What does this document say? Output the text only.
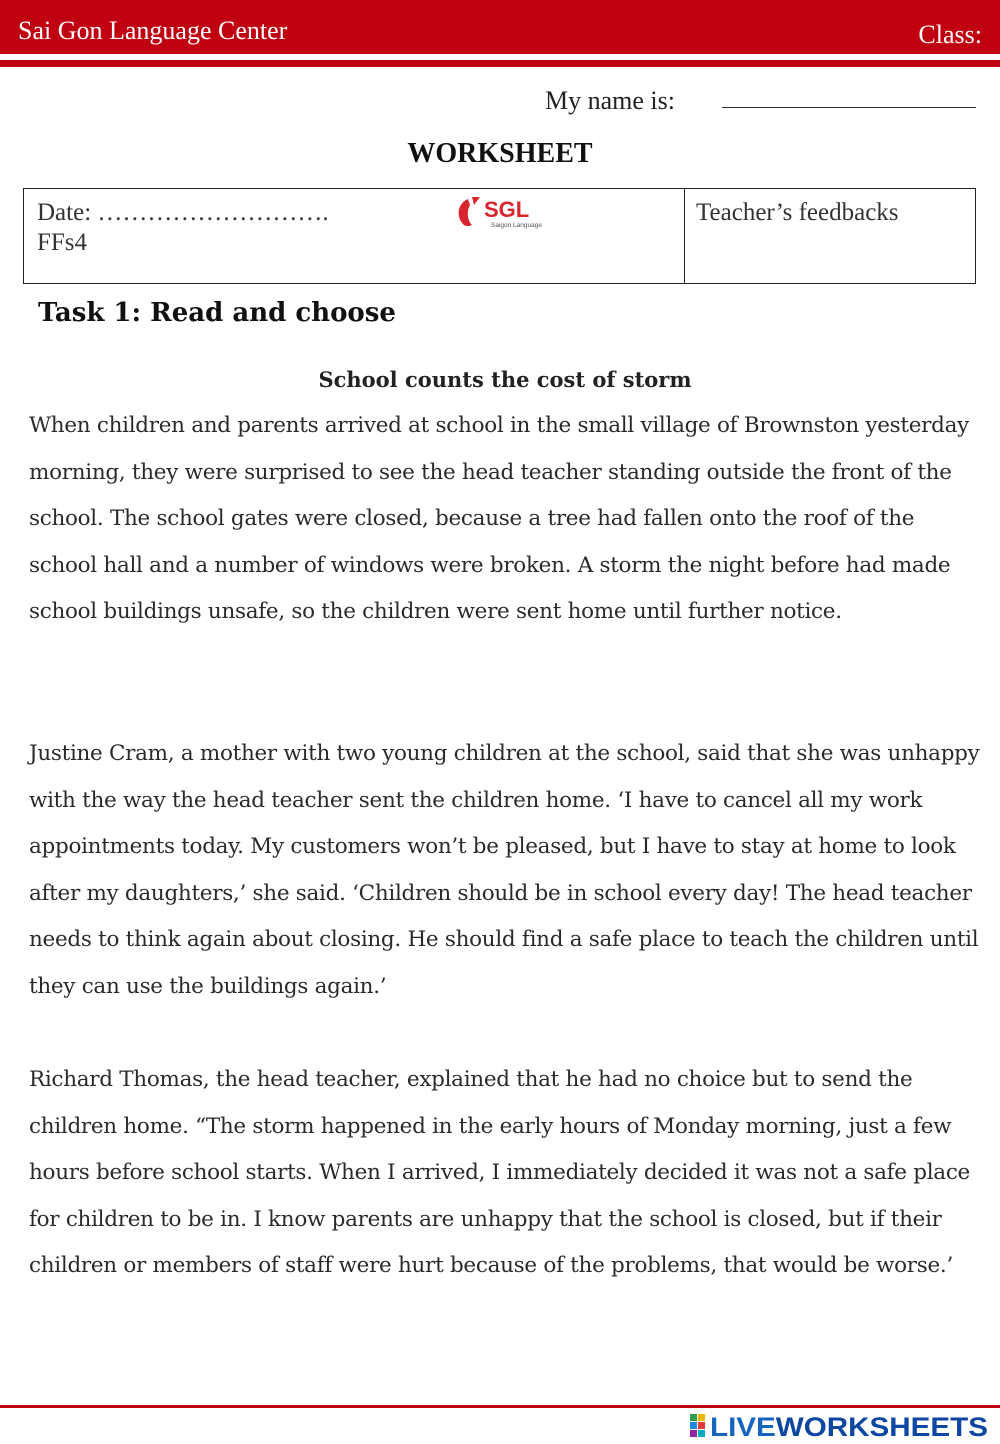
Sai Gon Language Center	Class:
My name is:
WORKSHEET
Date: ……………………….
FFs4
SGL
Saigon Language	Teacher’s feedbacks
Task 1: Read and choose
School counts the cost of storm

When children and parents arrived at school in the small village of Brownston yesterday morning, they were surprised to see the head teacher standing outside the front of the school. The school gates were closed, because a tree had fallen onto the roof of the school hall and a number of windows were broken. A storm the night before had made school buildings unsafe, so the children were sent home until further notice.

Justine Cram, a mother with two young children at the school, said that she was unhappy with the way the head teacher sent the children home. ‘I have to cancel all my work appointments today. My customers won’t be pleased, but I have to stay at home to look after my daughters,’ she said. ‘Children should be in school every day! The head teacher needs to think again about closing. He should find a safe place to teach the children until they can use the buildings again.’

Richard Thomas, the head teacher, explained that he had no choice but to send the children home. “The storm happened in the early hours of Monday morning, just a few hours before school starts. When I arrived, I immediately decided it was not a safe place for children to be in. I know parents are unhappy that the school is closed, but if their children or members of staff were hurt because of the problems, that would be worse.’

LIVE WORKSHEETS
